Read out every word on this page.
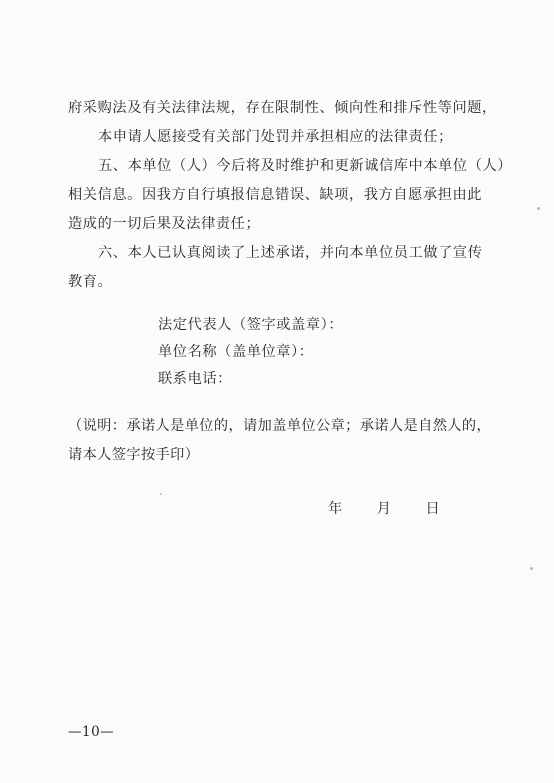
府采购法及有关法律法规，存在限制性、倾向性和排斥性等问题，
本申请人愿接受有关部门处罚并承担相应的法律责任；

五、本单位（人）今后将及时维护和更新诚信库中本单位（人）
相关信息。因我方自行填报信息错误、缺项，我方自愿承担由此
造成的一切后果及法律责任；

六、本人已认真阅读了上述承诺，并向本单位员工做了宣传
教育。

法定代表人（签字或盖章）：
单位名称（盖单位章）：
联系电话：
（说明：承诺人是单位的，请加盖单位公章；承诺人是自然人的，
请本人签字按手印）
年 月 日
—10—
